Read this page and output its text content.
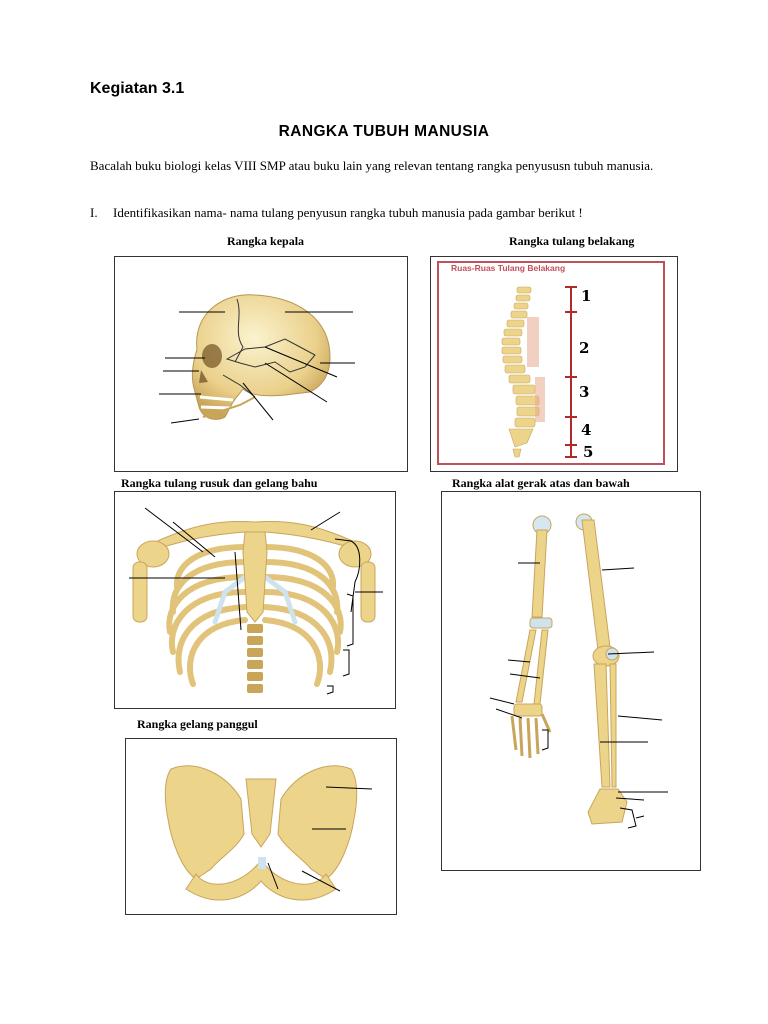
Kegiatan 3.1
RANGKA TUBUH MANUSIA
Bacalah buku biologi kelas VIII SMP atau buku lain yang relevan tentang rangka penyususn tubuh manusia.
I. Identifikasikan nama- nama tulang penyusun rangka tubuh manusia pada gambar berikut !
Rangka kepala	Rangka tulang belakang
Rangka tulang rusuk dan gelang bahu	Rangka alat gerak atas dan bawah
Rangka gelang panggul
Ruas-Ruas Tulang Belakang
1
2
3
4
5
